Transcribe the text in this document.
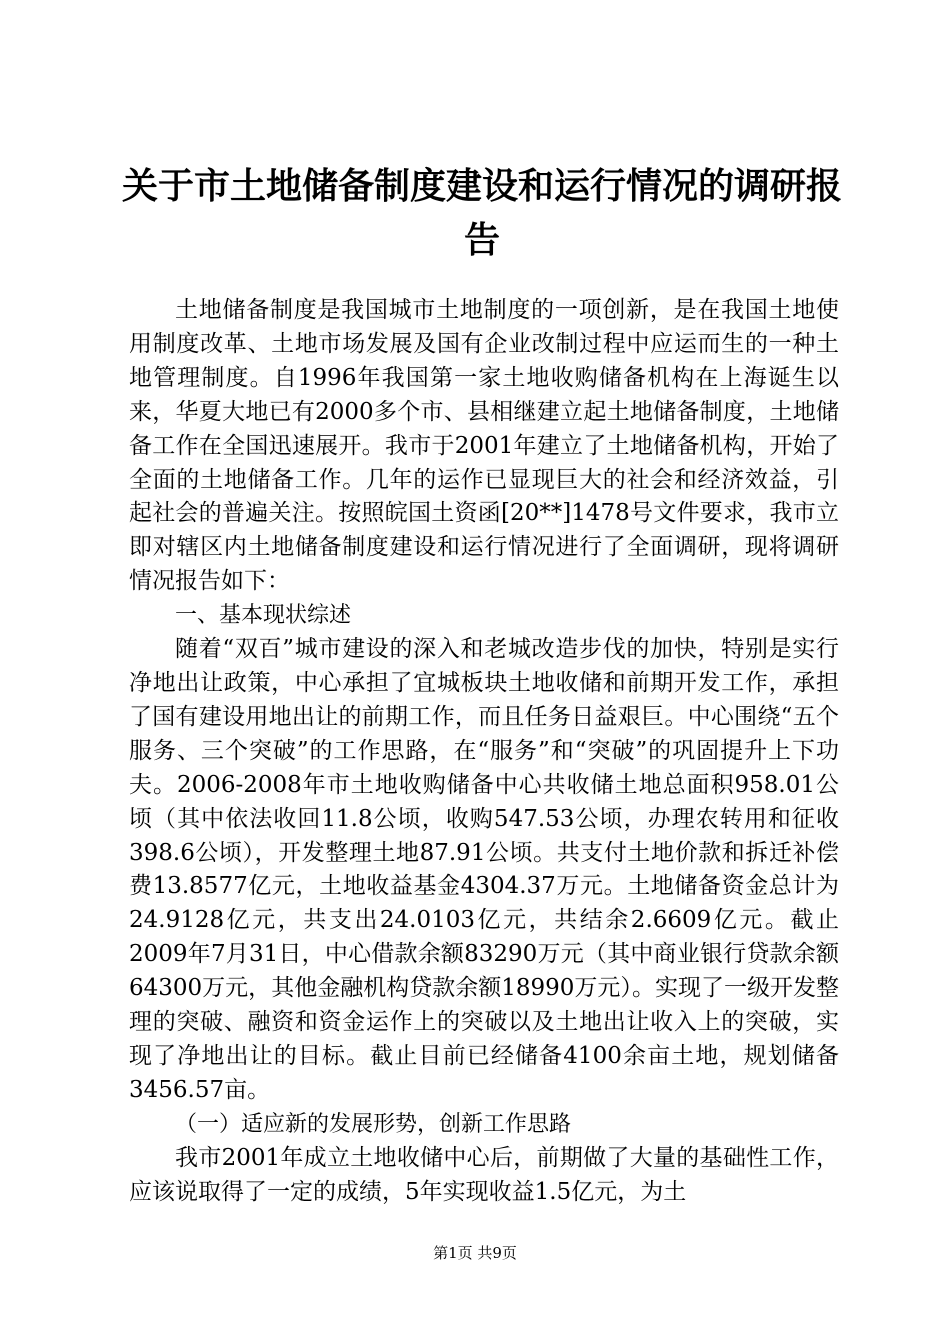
关于市土地储备制度建设和运行情况的调研报告

土地储备制度是我国城市土地制度的一项创新，是在我国土地使用制度改革、土地市场发展及国有企业改制过程中应运而生的一种土地管理制度。自1996年我国第一家土地收购储备机构在上海诞生以来，华夏大地已有2000多个市、县相继建立起土地储备制度，土地储备工作在全国迅速展开。我市于2001年建立了土地储备机构，开始了全面的土地储备工作。几年的运作已显现巨大的社会和经济效益，引起社会的普遍关注。按照皖国土资函[20**]1478号文件要求，我市立即对辖区内土地储备制度建设和运行情况进行了全面调研，现将调研情况报告如下：

一、基本现状综述

随着“双百”城市建设的深入和老城改造步伐的加快，特别是实行净地出让政策，中心承担了宜城板块土地收储和前期开发工作，承担了国有建设用地出让的前期工作，而且任务日益艰巨。中心围绕“五个服务、三个突破”的工作思路，在“服务”和“突破”的巩固提升上下功夫。2006-2008年市土地收购储备中心共收储土地总面积958.01公顷（其中依法收回11.8公顷，收购547.53公顷，办理农转用和征收398.6公顷），开发整理土地87.91公顷。共支付土地价款和拆迁补偿费13.8577亿元，土地收益基金4304.37万元。土地储备资金总计为24.9128亿元，共支出24.0103亿元，共结余2.6609亿元。截止2009年7月31日，中心借款余额83290万元（其中商业银行贷款余额64300万元，其他金融机构贷款余额18990万元）。实现了一级开发整理的突破、融资和资金运作上的突破以及土地出让收入上的突破，实现了净地出让的目标。截止目前已经储备4100余亩土地，规划储备3456.57亩。

（一）适应新的发展形势，创新工作思路

我市2001年成立土地收储中心后，前期做了大量的基础性工作，应该说取得了一定的成绩，5年实现收益1.5亿元，为土

第1页 共9页
